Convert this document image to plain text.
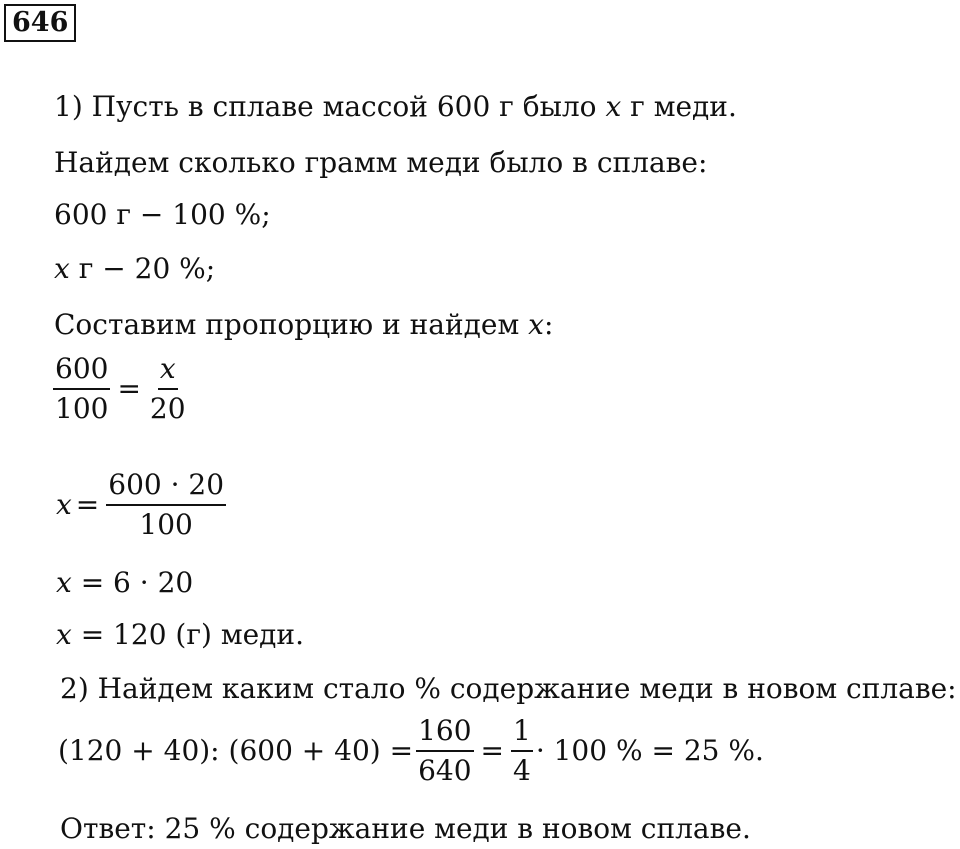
646
1) Пусть в сплаве массой 600 г было x г меди.
Найдем сколько грамм меди было в сплаве:
600 г − 100 %;
x г − 20 %;
Составим пропорцию и найдем x:
$\frac{600}{100} = \frac{x}{20}$
$x = \frac{600 \cdot 20}{100}$
x = 6 · 20
x = 120 (г) меди.
2) Найдем каким стало % содержание меди в новом сплаве:
(120 + 40): $(600 + 40) = \frac{160}{640} = \frac{1}{4} \cdot 100$ % = 25 %.
Ответ: 25 % содержание меди в новом сплаве.
